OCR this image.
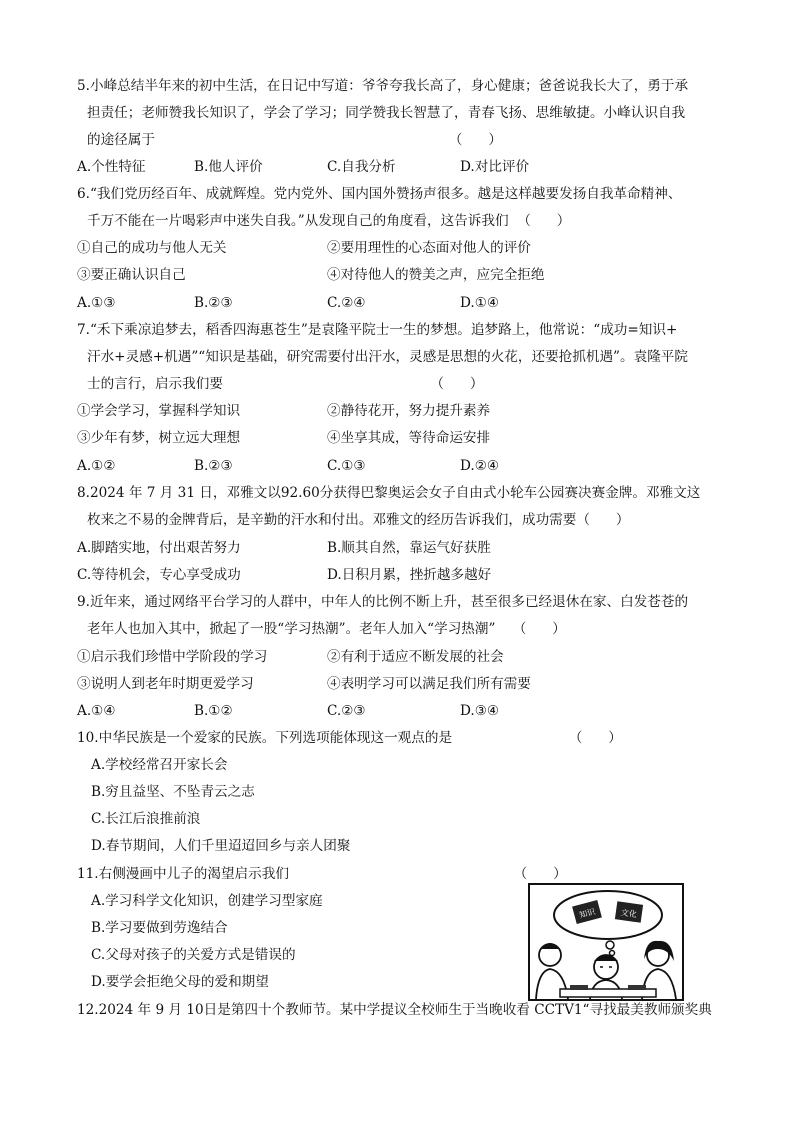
5.小峰总结半年来的初中生活，在日记中写道：爷爷夸我长高了，身心健康；爸爸说我长大了，勇于承
担责任；老师赞我长知识了，学会了学习；同学赞我长智慧了，青春飞扬、思维敏捷。小峰认识自我
的途径属于                                                                    （      ）
A.个性特征	B.他人评价	C.自我分析	D.对比评价
6.“我们党历经百年、成就辉煌。党内党外、国内国外赞扬声很多。越是这样越要发扬自我革命精神、
千万不能在一片喝彩声中迷失自我。”从发现自己的角度看，这告诉我们  （      ）
①自己的成功与他人无关	②要用理性的心态面对他人的评价
③要正确认识自己	④对待他人的赞美之声，应完全拒绝
A.①③	B.②③	C.②④	D.①④
7.“禾下乘凉追梦去，稻香四海惠苍生”是袁隆平院士一生的梦想。追梦路上，他常说：“成功=知识+
汗水+灵感+机遇”“知识是基础，研究需要付出汗水，灵感是思想的火花，还要抢抓机遇”。袁隆平院
士的言行，启示我们要                                                （      ）
①学会学习，掌握科学知识	②静待花开，努力提升素养
③少年有梦，树立远大理想	④坐享其成，等待命运安排
A.①②	B.②③	C.①③	D.②④
8.2024 年 7 月 31 日，邓雅文以92.60分获得巴黎奥运会女子自由式小轮车公园赛决赛金牌。邓雅文这
枚来之不易的金牌背后，是辛勤的汗水和付出。邓雅文的经历告诉我们，成功需要（      ）
A.脚踏实地，付出艰苦努力	B.顺其自然，靠运气好获胜
C.等待机会，专心享受成功	D.日积月累，挫折越多越好
9.近年来，通过网络平台学习的人群中，中年人的比例不断上升，甚至很多已经退休在家、白发苍苍的
老年人也加入其中，掀起了一股“学习热潮”。老年人加入“学习热潮”    （      ）
①启示我们珍惜中学阶段的学习	②有利于适应不断发展的社会
③说明人到老年时期更爱学习	④表明学习可以满足我们所有需要
A.①④	B.①②	C.②③	D.③④
10.中华民族是一个爱家的民族。下列选项能体现这一观点的是                           （      ）
A.学校经常召开家长会
B.穷且益坚、不坠青云之志
C.长江后浪推前浪
D.春节期间，人们千里迢迢回乡与亲人团聚
11.右侧漫画中儿子的渴望启示我们                                                    （      ）
A.学习科学文化知识，创建学习型家庭
B.学习要做到劳逸结合
C.父母对孩子的关爱方式是错误的
D.要学会拒绝父母的爱和期望
12.2024 年 9 月 10日是第四十个教师节。某中学提议全校师生于当晚收看 CCTV1“寻找最美教师颁奖典
知识	文化
